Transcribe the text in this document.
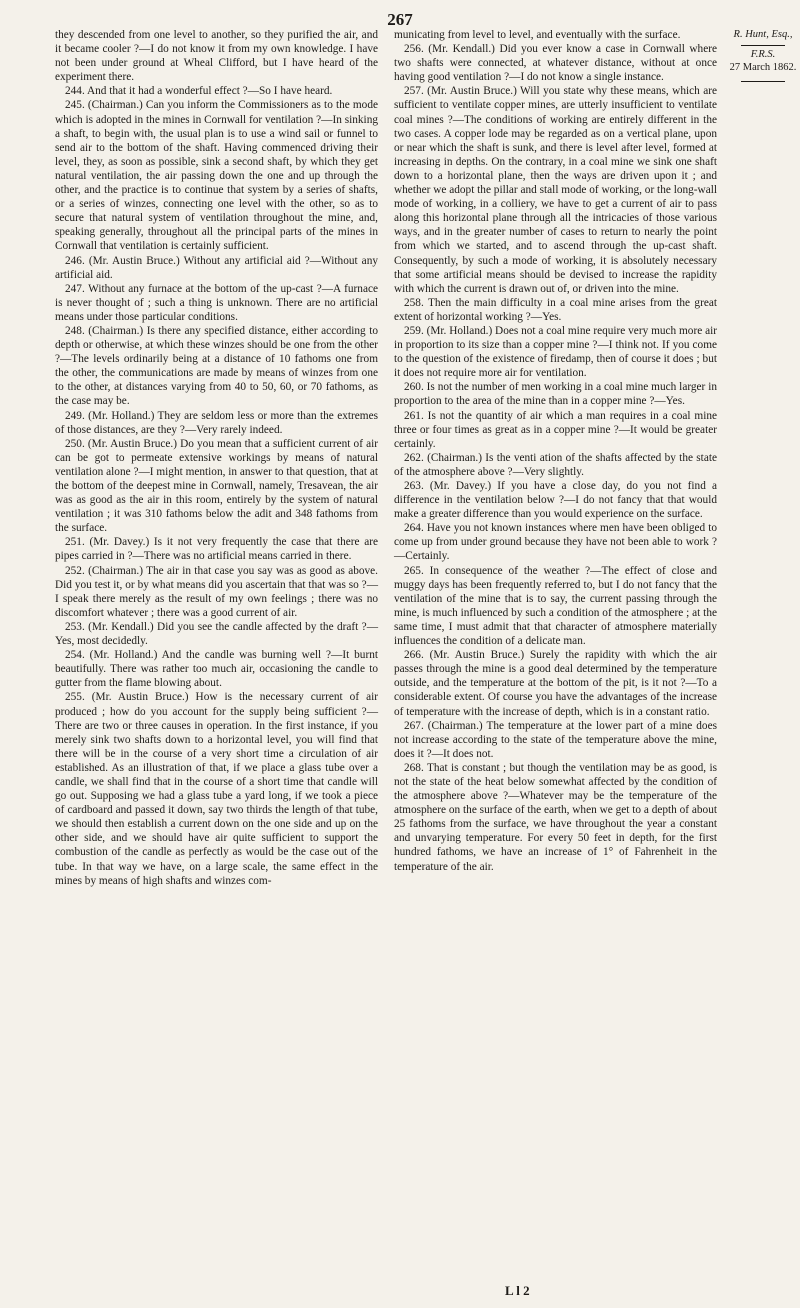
267

they descended from one level to another, so they purified the air, and it became cooler ?—I do not know it from my own knowledge. I have not been under ground at Wheal Clifford, but I have heard of the experiment there.

244. And that it had a wonderful effect ?—So I have heard.

245. (Chairman.) Can you inform the Commissioners as to the mode which is adopted in the mines in Cornwall for ventilation ?—In sinking a shaft, to begin with, the usual plan is to use a wind sail or funnel to send air to the bottom of the shaft. Having commenced driving their level, they, as soon as possible, sink a second shaft, by which they get natural ventilation, the air passing down the one and up through the other, and the practice is to continue that system by a series of shafts, or a series of winzes, connecting one level with the other, so as to secure that natural system of ventilation throughout the mine, and, speaking generally, throughout all the principal parts of the mines in Cornwall that ventilation is certainly sufficient.

246. (Mr. Austin Bruce.) Without any artificial aid ?—Without any artificial aid.

247. Without any furnace at the bottom of the up-cast ?—A furnace is never thought of ; such a thing is unknown. There are no artificial means under those particular conditions.

248. (Chairman.) Is there any specified distance, either according to depth or otherwise, at which these winzes should be one from the other ?—The levels ordinarily being at a distance of 10 fathoms one from the other, the communications are made by means of winzes from one to the other, at distances varying from 40 to 50, 60, or 70 fathoms, as the case may be.

249. (Mr. Holland.) They are seldom less or more than the extremes of those distances, are they ?—Very rarely indeed.

250. (Mr. Austin Bruce.) Do you mean that a sufficient current of air can be got to permeate extensive workings by means of natural ventilation alone ?—I might mention, in answer to that question, that at the bottom of the deepest mine in Cornwall, namely, Tresavean, the air was as good as the air in this room, entirely by the system of natural ventilation ; it was 310 fathoms below the adit and 348 fathoms from the surface.

251. (Mr. Davey.) Is it not very frequently the case that there are pipes carried in ?—There was no artificial means carried in there.

252. (Chairman.) The air in that case you say was as good as above. Did you test it, or by what means did you ascertain that that was so ?—I speak there merely as the result of my own feelings ; there was no discomfort whatever ; there was a good current of air.

253. (Mr. Kendall.) Did you see the candle affected by the draft ?—Yes, most decidedly.

254. (Mr. Holland.) And the candle was burning well ?—It burnt beautifully. There was rather too much air, occasioning the candle to gutter from the flame blowing about.

255. (Mr. Austin Bruce.) How is the necessary current of air produced ; how do you account for the supply being sufficient ?—There are two or three causes in operation. In the first instance, if you merely sink two shafts down to a horizontal level, you will find that there will be in the course of a very short time a circulation of air established. As an illustration of that, if we place a glass tube over a candle, we shall find that in the course of a short time that candle will go out. Supposing we had a glass tube a yard long, if we took a piece of cardboard and passed it down, say two thirds the length of that tube, we should then establish a current down on the one side and up on the other side, and we should have air quite sufficient to support the combustion of the candle as perfectly as would be the case out of the tube. In that way we have, on a large scale, the same effect in the mines by means of high shafts and winzes com-

municating from level to level, and eventually with the surface.

256. (Mr. Kendall.) Did you ever know a case in Cornwall where two shafts were connected, at whatever distance, without at once having good ventilation ?—I do not know a single instance.

257. (Mr. Austin Bruce.) Will you state why these means, which are sufficient to ventilate copper mines, are utterly insufficient to ventilate coal mines ?—The conditions of working are entirely different in the two cases. A copper lode may be regarded as on a vertical plane, upon or near which the shaft is sunk, and there is level after level, formed at increasing in depths. On the contrary, in a coal mine we sink one shaft down to a horizontal plane, then the ways are driven upon it ; and whether we adopt the pillar and stall mode of working, or the long-wall mode of working, in a colliery, we have to get a current of air to pass along this horizontal plane through all the intricacies of those various ways, and in the greater number of cases to return to nearly the point from which we started, and to ascend through the up-cast shaft. Consequently, by such a mode of working, it is absolutely necessary that some artificial means should be devised to increase the rapidity with which the current is drawn out of, or driven into the mine.

258. Then the main difficulty in a coal mine arises from the great extent of horizontal working ?—Yes.

259. (Mr. Holland.) Does not a coal mine require very much more air in proportion to its size than a copper mine ?—I think not. If you come to the question of the existence of firedamp, then of course it does ; but it does not require more air for ventilation.

260. Is not the number of men working in a coal mine much larger in proportion to the area of the mine than in a copper mine ?—Yes.

261. Is not the quantity of air which a man requires in a coal mine three or four times as great as in a copper mine ?—It would be greater certainly.

262. (Chairman.) Is the venti ation of the shafts affected by the state of the atmosphere above ?—Very slightly.

263. (Mr. Davey.) If you have a close day, do you not find a difference in the ventilation below ?—I do not fancy that that would make a greater difference than you would experience on the surface.

264. Have you not known instances where men have been obliged to come up from under ground because they have not been able to work ?—Certainly.

265. In consequence of the weather ?—The effect of close and muggy days has been frequently referred to, but I do not fancy that the ventilation of the mine that is to say, the current passing through the mine, is much influenced by such a condition of the atmosphere ; at the same time, I must admit that that character of atmosphere materially influences the condition of a delicate man.

266. (Mr. Austin Bruce.) Surely the rapidity with which the air passes through the mine is a good deal determined by the temperature outside, and the temperature at the bottom of the pit, is it not ?—To a considerable extent. Of course you have the advantages of the increase of temperature with the increase of depth, which is in a constant ratio.

267. (Chairman.) The temperature at the lower part of a mine does not increase according to the state of the temperature above the mine, does it ?—It does not.

268. That is constant ; but though the ventilation may be as good, is not the state of the heat below somewhat affected by the condition of the atmosphere above ?—Whatever may be the temperature of the atmosphere on the surface of the earth, when we get to a depth of about 25 fathoms from the surface, we have throughout the year a constant and unvarying temperature. For every 50 feet in depth, for the first hundred fathoms, we have an increase of 1° of Fahrenheit in the temperature of the air.

R. Hunt, Esq.,
F.R.S.
27 March 1862.
L l 2
